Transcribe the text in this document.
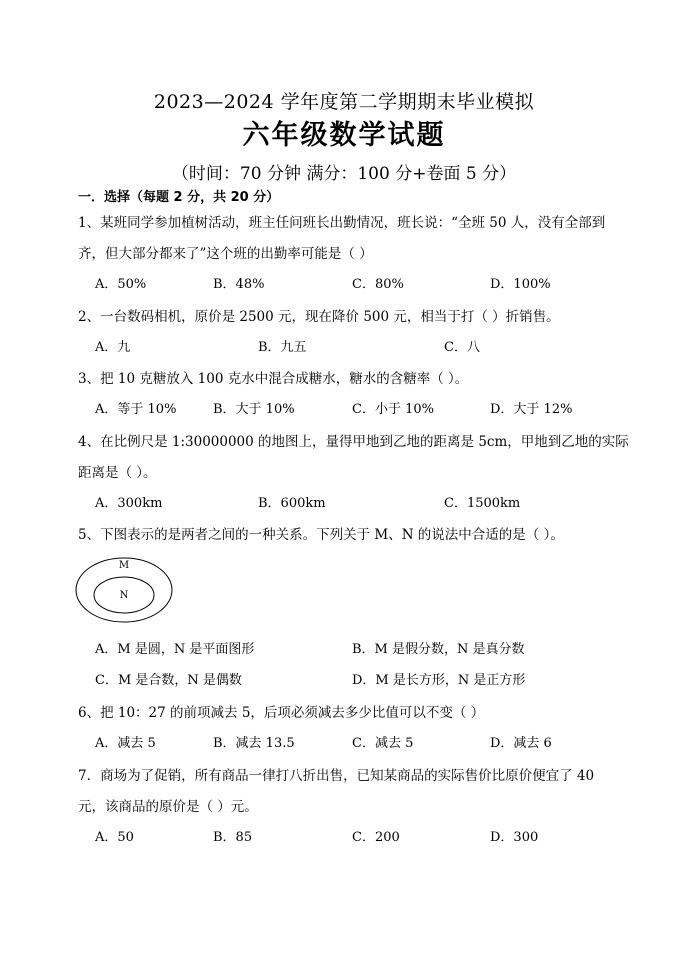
2023—2024 学年度第二学期期末毕业模拟
六年级数学试题
（时间：70 分钟 满分：100 分+卷面 5 分）
一．选择（每题 2 分，共 20 分）
1、某班同学参加植树活动，班主任问班长出勤情况，班长说：“全班 50 人，没有全部到
齐，但大部分都来了”这个班的出勤率可能是（ ）
A．50%	B．48%	C．80%	D．100%
2、一台数码相机，原价是 2500 元，现在降价 500 元，相当于打（ ）折销售。
A．九	B．九五	C．八
3、把 10 克糖放入 100 克水中混合成糖水，糖水的含糖率（ ）。
A．等于 10%	B．大于 10%	C．小于 10%	D．大于 12%
4、在比例尺是 1:30000000 的地图上，量得甲地到乙地的距离是 5cm，甲地到乙地的实际
距离是（ ）。
A．300km	B．600km	C．1500km
5、下图表示的是两者之间的一种关系。下列关于 M、N 的说法中合适的是（ ）。
M
N
A．M 是圆，N 是平面图形	B．M 是假分数，N 是真分数
C．M 是合数，N 是偶数	D．M 是长方形，N 是正方形
6、把 10：27 的前项减去 5，后项必须减去多少比值可以不变（ ）
A．减去 5	B．减去 13.5	C．减去 5	D．减去 6
7．商场为了促销，所有商品一律打八折出售，已知某商品的实际售价比原价便宜了 40
元，该商品的原价是（ ）元。
A．50	B．85	C．200	D．300
